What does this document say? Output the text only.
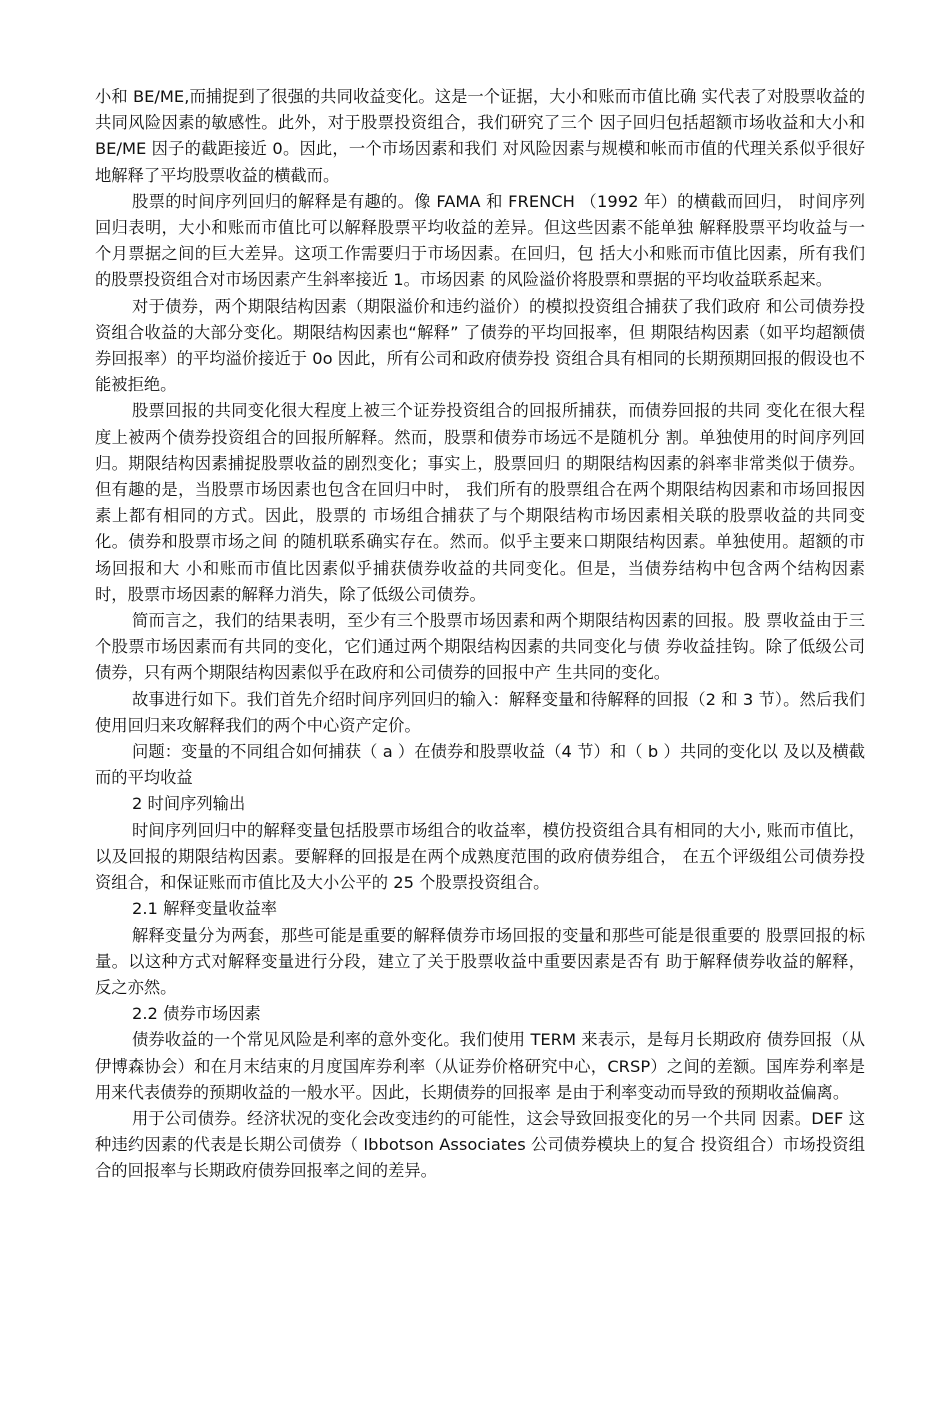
小和 BE/ME,而捕捉到了很强的共同收益变化。这是一个证据，大小和账而市值比确 实代表了对股票收益的共同风险因素的敏感性。此外，对于股票投资组合，我们研究了三个 因子回归包括超额市场收益和大小和 BE/ME 因子的截距接近 0。因此，一个市场因素和我们 对风险因素与规模和帐而市值的代理关系似乎很好地解释了平均股票收益的横截而。

股票的时间序列回归的解释是有趣的。像 FAMA 和 FRENCH （1992 年）的横截而回归， 时间序列回归表明，大小和账而市值比可以解释股票平均收益的差异。但这些因素不能单独 解释股票平均收益与一个月票据之间的巨大差异。这项工作需要归于市场因素。在回归，包 括大小和账而市值比因素，所有我们的股票投资组合对市场因素产生斜率接近 1。市场因素 的风险溢价将股票和票据的平均收益联系起来。

对于债券，两个期限结构因素（期限溢价和违约溢价）的模拟投资组合捕获了我们政府 和公司债券投资组合收益的大部分变化。期限结构因素也“解释” 了债券的平均回报率，但 期限结构因素（如平均超额债券回报率）的平均溢价接近于 0o 因此，所有公司和政府债券投 资组合具有相同的长期预期回报的假设也不能被拒绝。

股票回报的共同变化很大程度上被三个证券投资组合的回报所捕获，而债券回报的共同 变化在很大程度上被两个债券投资组合的回报所解释。然而，股票和债券市场远不是随机分 割。单独使用的时间序列回归。期限结构因素捕捉股票收益的剧烈变化；事实上，股票回归 的期限结构因素的斜率非常类似于债券。但有趣的是，当股票市场因素也包含在回归中时， 我们所有的股票组合在两个期限结构因素和市场回报因素上都有相同的方式。因此，股票的 市场组合捕获了与个期限结构市场因素相关联的股票收益的共同变化。债券和股票市场之间 的随机联系确实存在。然而。似乎主要来口期限结构因素。单独使用。超额的市场回报和大 小和账而市值比因素似乎捕获债券收益的共同变化。但是，当债券结构中包含两个结构因素 时，股票市场因素的解释力消失，除了低级公司债券。

简而言之，我们的结果表明，至少有三个股票市场因素和两个期限结构因素的回报。股 票收益由于三个股票市场因素而有共同的变化，它们通过两个期限结构因素的共同变化与债 券收益挂钩。除了低级公司债券，只有两个期限结构因素似乎在政府和公司债券的回报中产 生共同的变化。

故事进行如下。我们首先介绍时间序列回归的输入：解释变量和待解释的回报（2 和 3 节）。然后我们使用回归来攻解释我们的两个中心资产定价。

问题：变量的不同组合如何捕获（ a ）在债券和股票收益（4 节）和（ b ）共同的变化以 及以及横截而的平均收益

2 时间序列输出

时间序列回归中的解释变量包括股票市场组合的收益率，模仿投资组合具有相同的大小, 账而市值比，以及回报的期限结构因素。要解释的回报是在两个成熟度范围的政府债券组合， 在五个评级组公司债券投资组合，和保证账而市值比及大小公平的 25 个股票投资组合。

2.1 解释变量收益率

解释变量分为两套，那些可能是重要的解释债券市场回报的变量和那些可能是很重要的 股票回报的标量。以这种方式对解释变量进行分段，建立了关于股票收益中重要因素是否有 助于解释债券收益的解释，反之亦然。

2.2 债券市场因素

债券收益的一个常见风险是利率的意外变化。我们使用 TERM 来表示，是每月长期政府 债券回报（从伊博森协会）和在月末结束的月度国库券利率（从证券价格研究中心，CRSP）之间的差额。国库券利率是用来代表债券的预期收益的一般水平。因此，长期债券的回报率 是由于利率变动而导致的预期收益偏离。

用于公司债券。经济状况的变化会改变违约的可能性，这会导致回报变化的另一个共同 因素。DEF 这种违约因素的代表是长期公司债券（ Ibbotson Associates 公司债券模块上的复合 投资组合）市场投资组合的回报率与长期政府债券回报率之间的差异。
